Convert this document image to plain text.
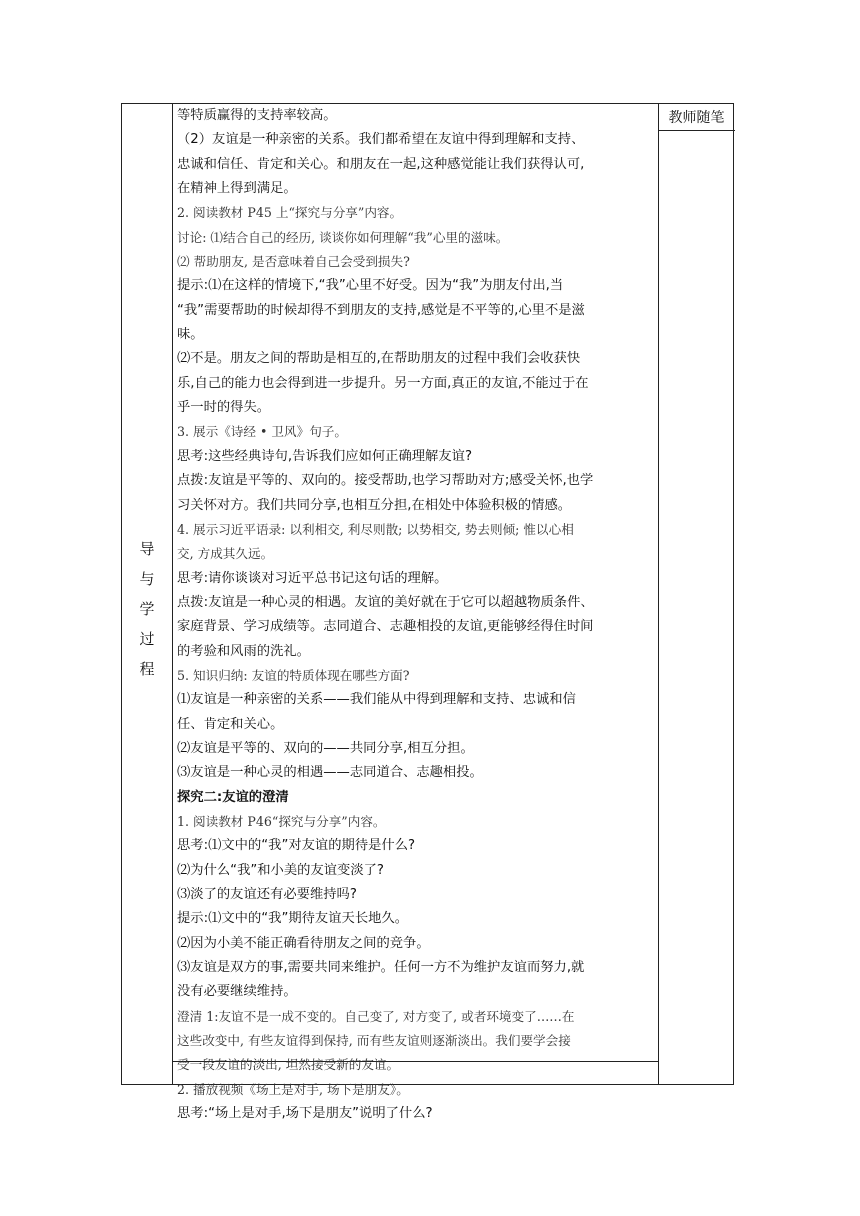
导
与
学
过
程
教师随笔
等特质赢得的支持率较高。
（2）友谊是一种亲密的关系。我们都希望在友谊中得到理解和支持、
忠诚和信任、肯定和关心。和朋友在一起,这种感觉能让我们获得认可,
在精神上得到满足。
2. 阅读教材 P45 上“探究与分享”内容。
讨论: ⑴结合自己的经历, 谈谈你如何理解“我”心里的滋味。
⑵ 帮助朋友, 是否意味着自己会受到损失?
提示:⑴在这样的情境下,“我”心里不好受。因为“我”为朋友付出,当
“我”需要帮助的时候却得不到朋友的支持,感觉是不平等的,心里不是滋
味。
⑵不是。朋友之间的帮助是相互的,在帮助朋友的过程中我们会收获快
乐,自己的能力也会得到进一步提升。另一方面,真正的友谊,不能过于在
乎一时的得失。
3. 展示《诗经 • 卫风》句子。
思考:这些经典诗句,告诉我们应如何正确理解友谊?
点拨:友谊是平等的、双向的。接受帮助,也学习帮助对方;感受关怀,也学
习关怀对方。我们共同分享,也相互分担,在相处中体验积极的情感。
4. 展示习近平语录: 以利相交, 利尽则散; 以势相交, 势去则倾; 惟以心相
交, 方成其久远。
思考:请你谈谈对习近平总书记这句话的理解。
点拨:友谊是一种心灵的相遇。友谊的美好就在于它可以超越物质条件、
家庭背景、学习成绩等。志同道合、志趣相投的友谊,更能够经得住时间
的考验和风雨的洗礼。
5. 知识归纳: 友谊的特质体现在哪些方面?
⑴友谊是一种亲密的关系——我们能从中得到理解和支持、忠诚和信
任、肯定和关心。
⑵友谊是平等的、双向的——共同分享,相互分担。
⑶友谊是一种心灵的相遇——志同道合、志趣相投。
探究二:友谊的澄清
1. 阅读教材 P46“探究与分享”内容。
思考:⑴文中的“我”对友谊的期待是什么?
⑵为什么“我”和小美的友谊变淡了?
⑶淡了的友谊还有必要维持吗?
提示:⑴文中的“我”期待友谊天长地久。
⑵因为小美不能正确看待朋友之间的竞争。
⑶友谊是双方的事,需要共同来维护。任何一方不为维护友谊而努力,就
没有必要继续维持。
澄清 1:友谊不是一成不变的。自己变了, 对方变了, 或者环境变了……在
这些改变中, 有些友谊得到保持, 而有些友谊则逐渐淡出。我们要学会接
受一段友谊的淡出, 坦然接受新的友谊。
2. 播放视频《场上是对手, 场下是朋友》。
思考:“场上是对手,场下是朋友”说明了什么?
